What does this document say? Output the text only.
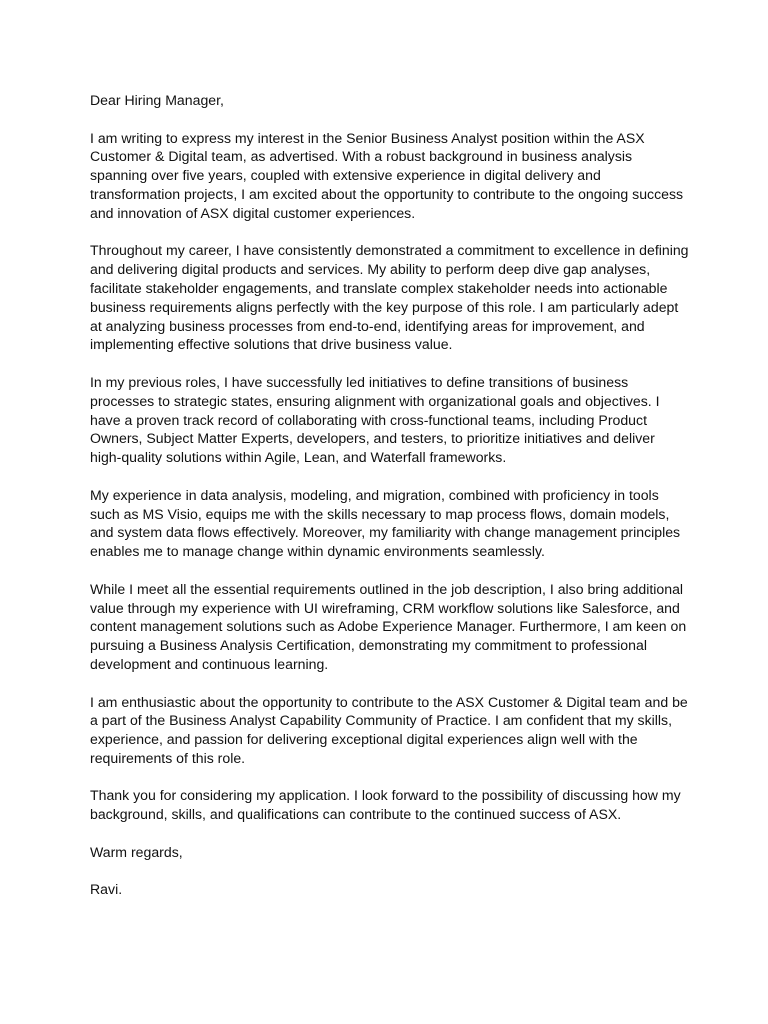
Dear Hiring Manager,

I am writing to express my interest in the Senior Business Analyst position within the ASX
Customer & Digital team, as advertised. With a robust background in business analysis
spanning over five years, coupled with extensive experience in digital delivery and
transformation projects, I am excited about the opportunity to contribute to the ongoing success
and innovation of ASX digital customer experiences.

Throughout my career, I have consistently demonstrated a commitment to excellence in defining
and delivering digital products and services. My ability to perform deep dive gap analyses,
facilitate stakeholder engagements, and translate complex stakeholder needs into actionable
business requirements aligns perfectly with the key purpose of this role. I am particularly adept
at analyzing business processes from end-to-end, identifying areas for improvement, and
implementing effective solutions that drive business value.

In my previous roles, I have successfully led initiatives to define transitions of business
processes to strategic states, ensuring alignment with organizational goals and objectives. I
have a proven track record of collaborating with cross-functional teams, including Product
Owners, Subject Matter Experts, developers, and testers, to prioritize initiatives and deliver
high-quality solutions within Agile, Lean, and Waterfall frameworks.

My experience in data analysis, modeling, and migration, combined with proficiency in tools
such as MS Visio, equips me with the skills necessary to map process flows, domain models,
and system data flows effectively. Moreover, my familiarity with change management principles
enables me to manage change within dynamic environments seamlessly.

While I meet all the essential requirements outlined in the job description, I also bring additional
value through my experience with UI wireframing, CRM workflow solutions like Salesforce, and
content management solutions such as Adobe Experience Manager. Furthermore, I am keen on
pursuing a Business Analysis Certification, demonstrating my commitment to professional
development and continuous learning.

I am enthusiastic about the opportunity to contribute to the ASX Customer & Digital team and be
a part of the Business Analyst Capability Community of Practice. I am confident that my skills,
experience, and passion for delivering exceptional digital experiences align well with the
requirements of this role.

Thank you for considering my application. I look forward to the possibility of discussing how my
background, skills, and qualifications can contribute to the continued success of ASX.

Warm regards,

Ravi.
